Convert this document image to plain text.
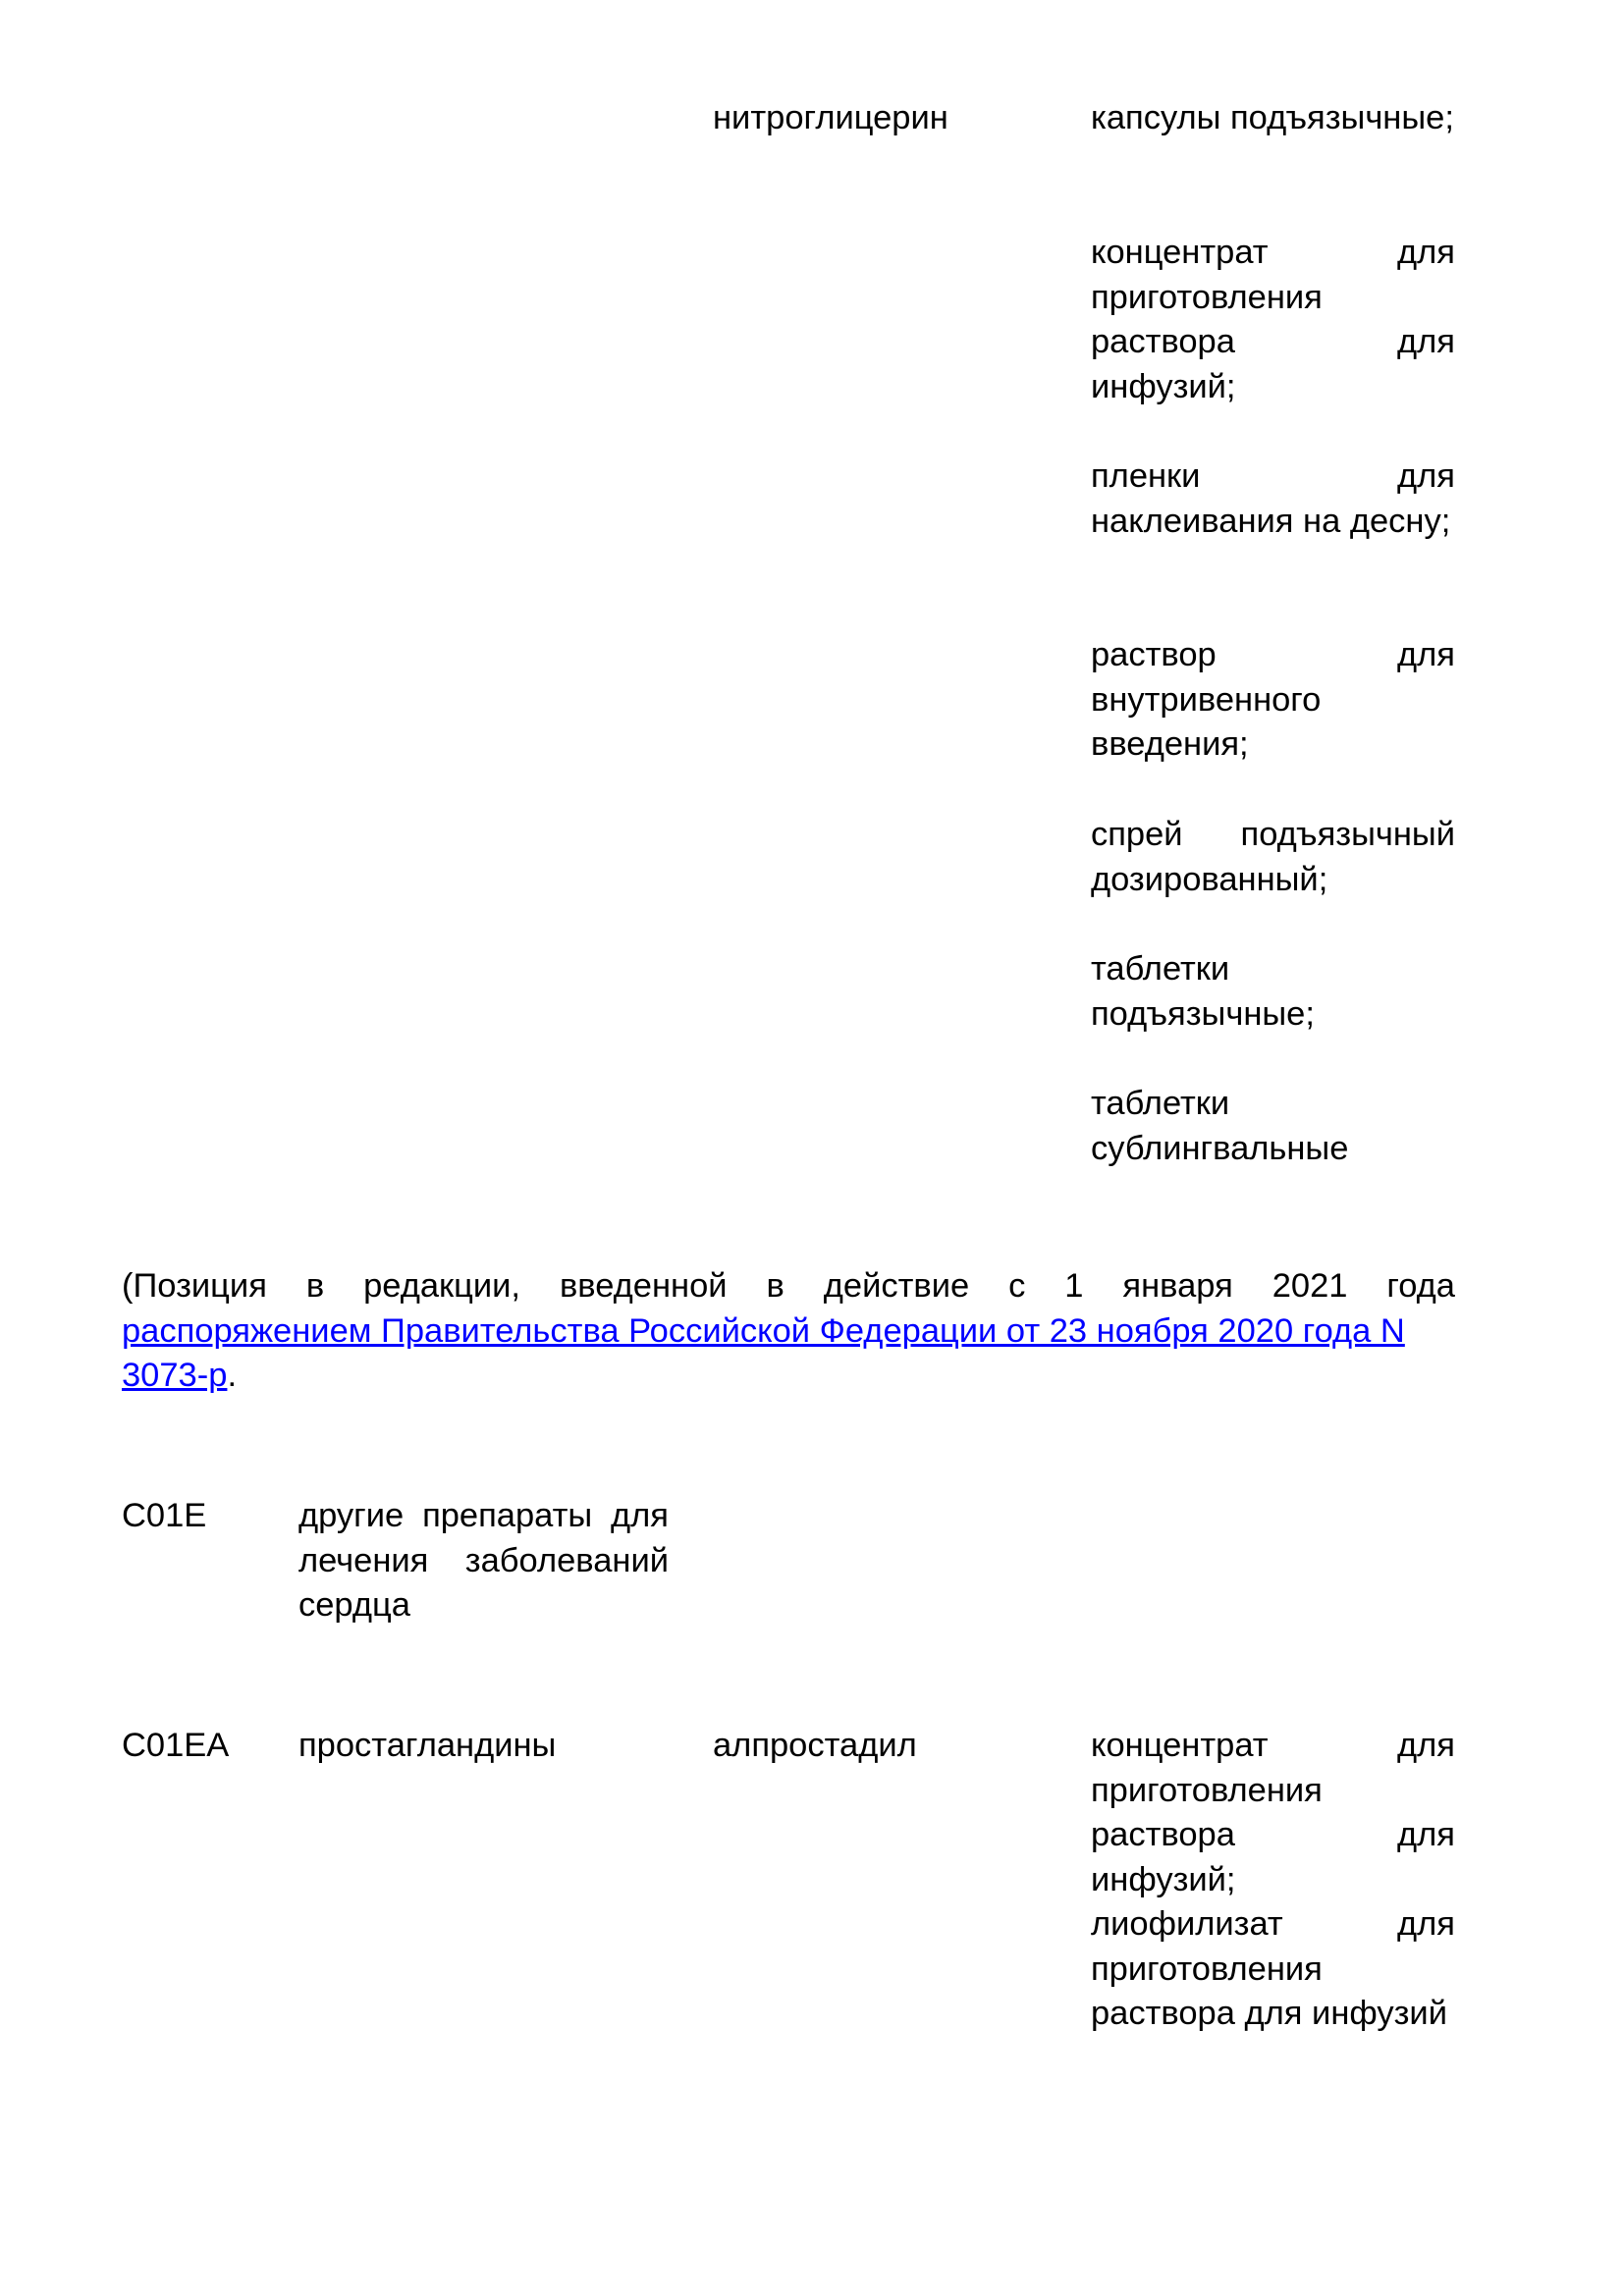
нитроглицерин	капсулы подъязычные;
концентрат для приготовления раствора для инфузий;
пленки для наклеивания на десну;
раствор для внутривенного введения;
спрей подъязычный дозированный;
таблетки подъязычные;
таблетки сублингвальные
(Позиция в редакции, введенной в действие с 1 января 2021 года
распоряжением Правительства Российской Федерации от 23 ноября 2020 года N 3073-р.
C01E	другие препараты для лечения заболеваний сердца
C01EA	простагландины	алпростадил	концентрат для приготовления раствора для инфузий;
лиофилизат для приготовления раствора для инфузий
